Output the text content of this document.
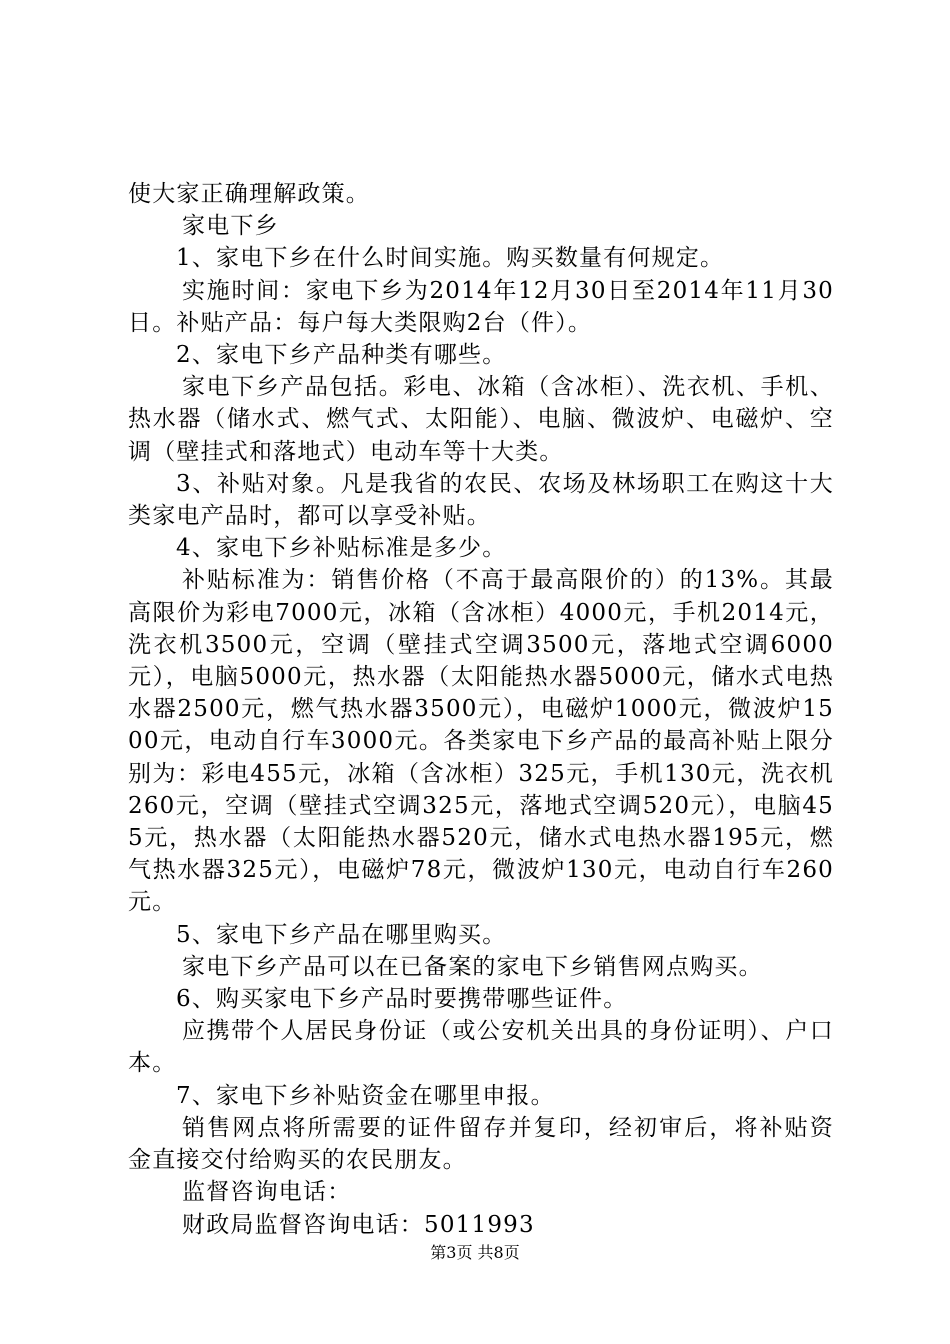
使大家正确理解政策。

家电下乡

1、家电下乡在什么时间实施。购买数量有何规定。

实施时间：家电下乡为2014年12月30日至2014年11月30日。补贴产品：每户每大类限购2台（件）。

2、家电下乡产品种类有哪些。

家电下乡产品包括。彩电、冰箱（含冰柜）、洗衣机、手机、热水器（储水式、燃气式、太阳能）、电脑、微波炉、电磁炉、空调（壁挂式和落地式）电动车等十大类。

3、补贴对象。凡是我省的农民、农场及林场职工在购这十大类家电产品时，都可以享受补贴。

4、家电下乡补贴标准是多少。

补贴标准为：销售价格（不高于最高限价的）的13%。其最高限价为彩电7000元，冰箱（含冰柜）4000元，手机2014元，洗衣机3500元，空调（壁挂式空调3500元，落地式空调6000元），电脑5000元，热水器（太阳能热水器5000元，储水式电热水器2500元，燃气热水器3500元），电磁炉1000元，微波炉1500元，电动自行车3000元。各类家电下乡产品的最高补贴上限分别为：彩电455元，冰箱（含冰柜）325元，手机130元，洗衣机260元，空调（壁挂式空调325元，落地式空调520元），电脑455元，热水器（太阳能热水器520元，储水式电热水器195元，燃气热水器325元），电磁炉78元，微波炉130元，电动自行车260元。

5、家电下乡产品在哪里购买。

家电下乡产品可以在已备案的家电下乡销售网点购买。

6、购买家电下乡产品时要携带哪些证件。

应携带个人居民身份证（或公安机关出具的身份证明）、户口本。

7、家电下乡补贴资金在哪里申报。

销售网点将所需要的证件留存并复印，经初审后，将补贴资金直接交付给购买的农民朋友。

监督咨询电话：

财政局监督咨询电话：5011993

第3页 共8页
